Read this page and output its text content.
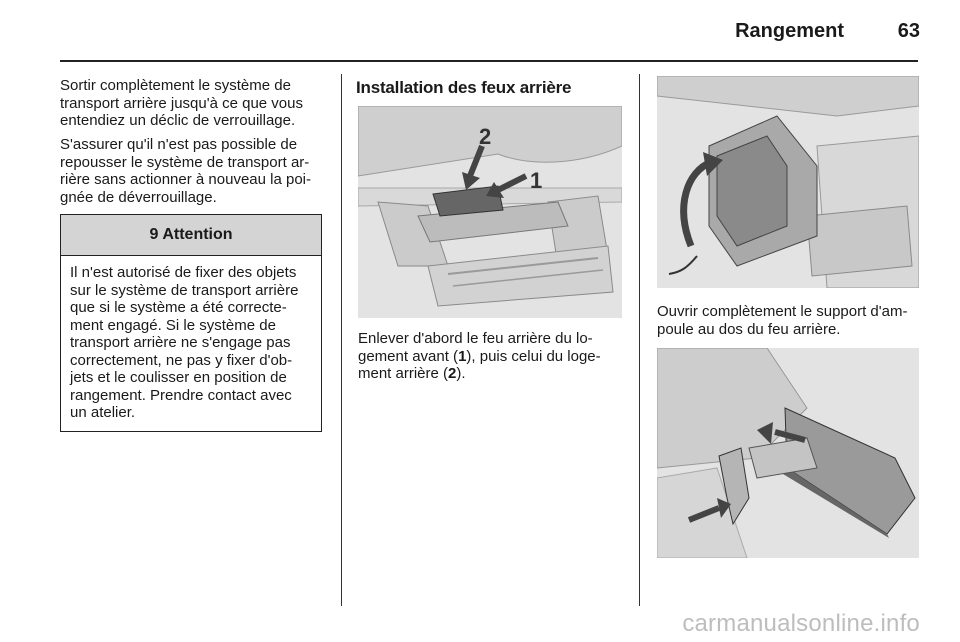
Rangement	63

Sortir complètement le système de
transport arrière jusqu'à ce que vous
entendiez un déclic de verrouillage.

S'assurer qu'il n'est pas possible de
repousser le système de transport ar-
rière sans actionner à nouveau la poi-
gnée de déverrouillage.

9 Attention

Il n'est autorisé de fixer des objets
sur le système de transport arrière
que si le système a été correcte-
ment engagé. Si le système de
transport arrière ne s'engage pas
correctement, ne pas y fixer d'ob-
jets et le coulisser en position de
rangement. Prendre contact avec
un atelier.

Installation des feux arrière
2
1

Enlever d'abord le feu arrière du lo-
gement avant (1), puis celui du loge-
ment arrière (2).

Ouvrir complètement le support d'am-
poule au dos du feu arrière.

carmanualsonline.info
